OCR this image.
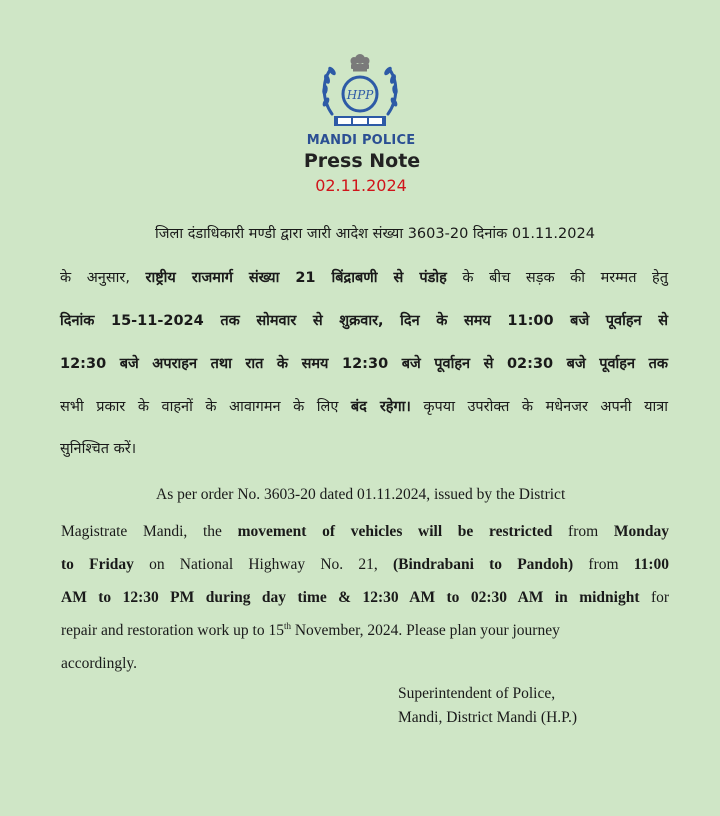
HPP
MANDI POLICE
Press Note
02.11.2024
जिला दंडाधिकारी मण्डी द्वारा जारी आदेश संख्या 3603-20 दिनांक 01.11.2024
के अनुसार, राष्ट्रीय राजमार्ग संख्या 21 बिंद्राबणी से पंडोह के बीच सड़क की मरम्मत हेतु
दिनांक 15-11-2024 तक सोमवार से शुक्रवार, दिन के समय 11:00 बजे पूर्वाहन से
12:30 बजे अपराहन तथा रात के समय 12:30 बजे पूर्वाहन से 02:30 बजे पूर्वाहन तक
सभी प्रकार के वाहनों के आवागमन के लिए बंद रहेगा। कृपया उपरोक्त के मधेनजर अपनी यात्रा
सुनिश्चित करें।
As per order No. 3603-20 dated 01.11.2024, issued by the District
Magistrate Mandi, the movement of vehicles will be restricted from Monday
to Friday on National Highway No. 21, (Bindrabani to Pandoh) from 11:00
AM to 12:30 PM during day time & 12:30 AM to 02:30 AM in midnight for
repair and restoration work up to 15th November, 2024. Please plan your journey
accordingly.
Superintendent of Police,
Mandi, District Mandi (H.P.)
